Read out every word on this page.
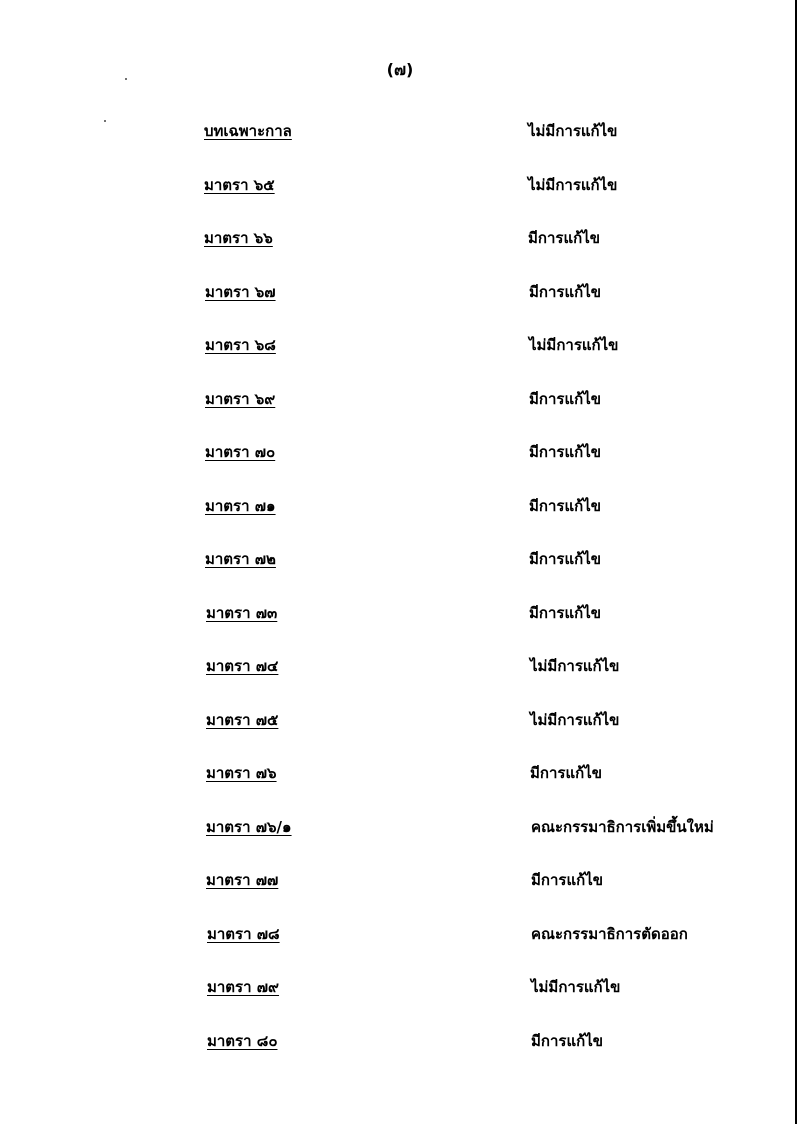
(๗)
บทเฉพาะกาล	ไม่มีการแก้ไข
มาตรา ๖๕	ไม่มีการแก้ไข
มาตรา ๖๖	มีการแก้ไข
มาตรา ๖๗	มีการแก้ไข
มาตรา ๖๘	ไม่มีการแก้ไข
มาตรา ๖๙	มีการแก้ไข
มาตรา ๗๐	มีการแก้ไข
มาตรา ๗๑	มีการแก้ไข
มาตรา ๗๒	มีการแก้ไข
มาตรา ๗๓	มีการแก้ไข
มาตรา ๗๔	ไม่มีการแก้ไข
มาตรา ๗๕	ไม่มีการแก้ไข
มาตรา ๗๖	มีการแก้ไข
มาตรา ๗๖/๑	คณะกรรมาธิการเพิ่มขึ้นใหม่
มาตรา ๗๗	มีการแก้ไข
มาตรา ๗๘	คณะกรรมาธิการตัดออก
มาตรา ๗๙	ไม่มีการแก้ไข
มาตรา ๘๐	มีการแก้ไข
